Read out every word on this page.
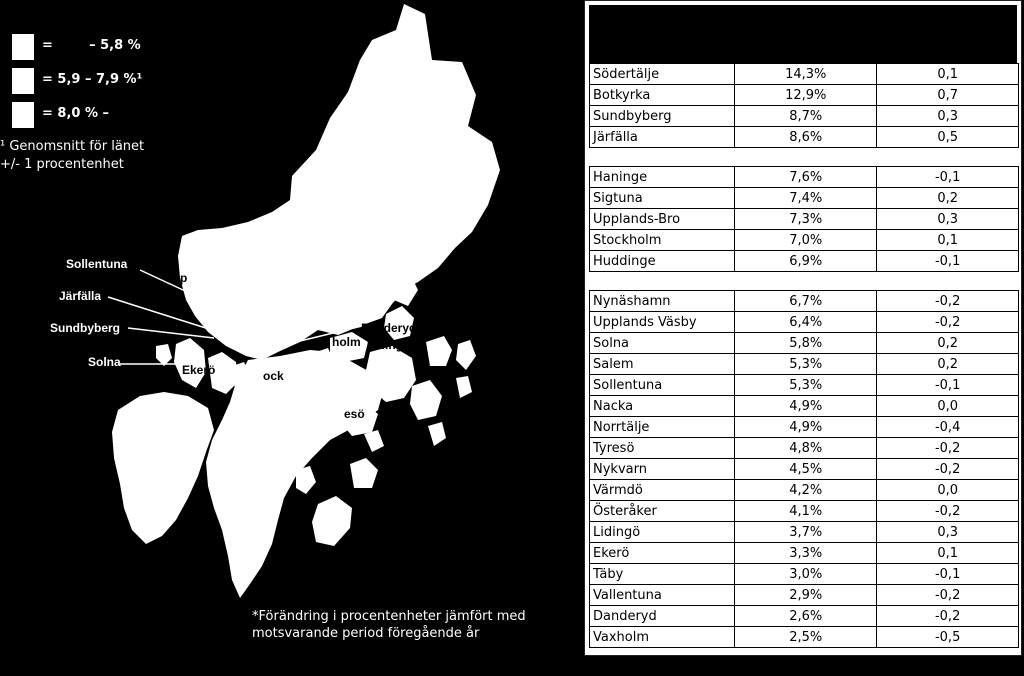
Sollentuna
Järfälla
Sundbyberg
Solna
Danderyd
Lidingö
Upp
holm
Ekerö	ock
esö
=        – 5,8 %
= 5,9 – 7,9 %¹
= 8,0 % –
¹ Genomsnitt för länet
+/- 1 procentenhet
*Förändring i procentenheter jämfört med
motsvarande period föregående år
Södertälje	14,3%	0,1
Botkyrka	12,9%	0,7
Sundbyberg	8,7%	0,3
Järfälla	8,6%	0,5

Haninge	7,6%	-0,1
Sigtuna	7,4%	0,2
Upplands-Bro	7,3%	0,3
Stockholm	7,0%	0,1
Huddinge	6,9%	-0,1

Nynäshamn	6,7%	-0,2
Upplands Väsby	6,4%	-0,2
Solna	5,8%	0,2
Salem	5,3%	0,2
Sollentuna	5,3%	-0,1
Nacka	4,9%	0,0
Norrtälje	4,9%	-0,4
Tyresö	4,8%	-0,2
Nykvarn	4,5%	-0,2
Värmdö	4,2%	0,0
Österåker	4,1%	-0,2
Lidingö	3,7%	0,3
Ekerö	3,3%	0,1
Täby	3,0%	-0,1
Vallentuna	2,9%	-0,2
Danderyd	2,6%	-0,2
Vaxholm	2,5%	-0,5
